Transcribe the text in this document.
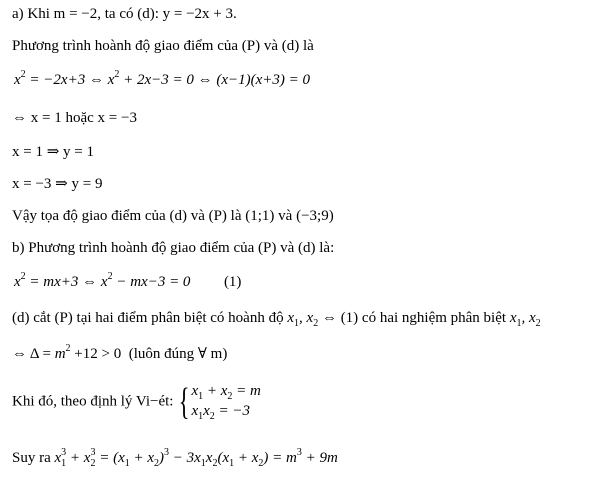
a) Khi m = −2, ta có (d): y = −2x + 3.
Phương trình hoành độ giao điểm của (P) và (d) là
$x^2 = -2x+3$ ⇔ $x^2 + 2x-3 = 0$ ⇔ (x−1)(x+3) = 0
⇔ x = 1 hoặc x = −3
x = 1 ⇒ y = 1
x = −3 ⇒ y = 9
Vậy tọa độ giao điểm của (d) và (P) là (1;1) và (−3;9)
b) Phương trình hoành độ giao điểm của (P) và (d) là:
$x^2 = mx+3$ ⇔ $x^2 - mx-3 = 0$ (1)
(d) cắt (P) tại hai điểm phân biệt có hoành độ $x_1$, $x_2$ ⇔ (1) có hai nghiệm phân biệt $x_1$, $x_2$
⇔ $\Delta = m^2 +12 > 0$  (luôn đúng ∀ m)
Khi đó, theo định lý Vi−ét: { $x_1 + x_2 = m$
$x_1x_2 = -3$
Suy ra $x_1^3 + x_2^3 = (x_1 + x_2)^3 - 3x_1x_2(x_1 + x_2) = m^3 + 9m$
